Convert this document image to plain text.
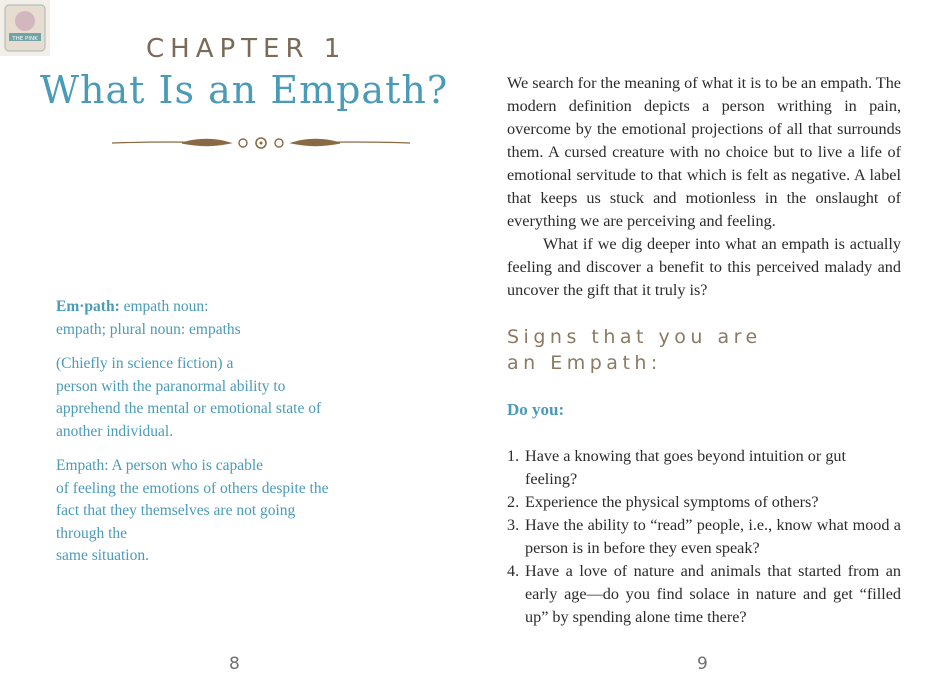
THE PINK	CHAPTER 1
What Is an Empath?

Em·path: empath noun:
empath; plural noun: empaths

(Chiefly in science fiction) a
person with the paranormal ability to
apprehend the mental or emotional state of
another individual.

Empath: A person who is capable
of feeling the emotions of others despite the
fact that they themselves are not going
through the
same situation.

8

We search for the meaning of what it is to be an empath. The modern definition depicts a person writhing in pain, overcome by the emotional projections of all that surrounds them. A cursed creature with no choice but to live a life of emotional servitude to that which is felt as negative. A label that keeps us stuck and motionless in the onslaught of everything we are perceiving and feeling.

What if we dig deeper into what an empath is actually feeling and discover a benefit to this perceived malady and uncover the gift that it truly is?

Signs that you are
an Empath:
Do you:
1. Have a knowing that goes beyond intuition or gut feeling?
2. Experience the physical symptoms of others?
3. Have the ability to “read” people, i.e., know what mood a person is in before they even speak?
4. Have a love of nature and animals that started from an early age—do you find solace in nature and get “filled up” by spending alone time there?
9
